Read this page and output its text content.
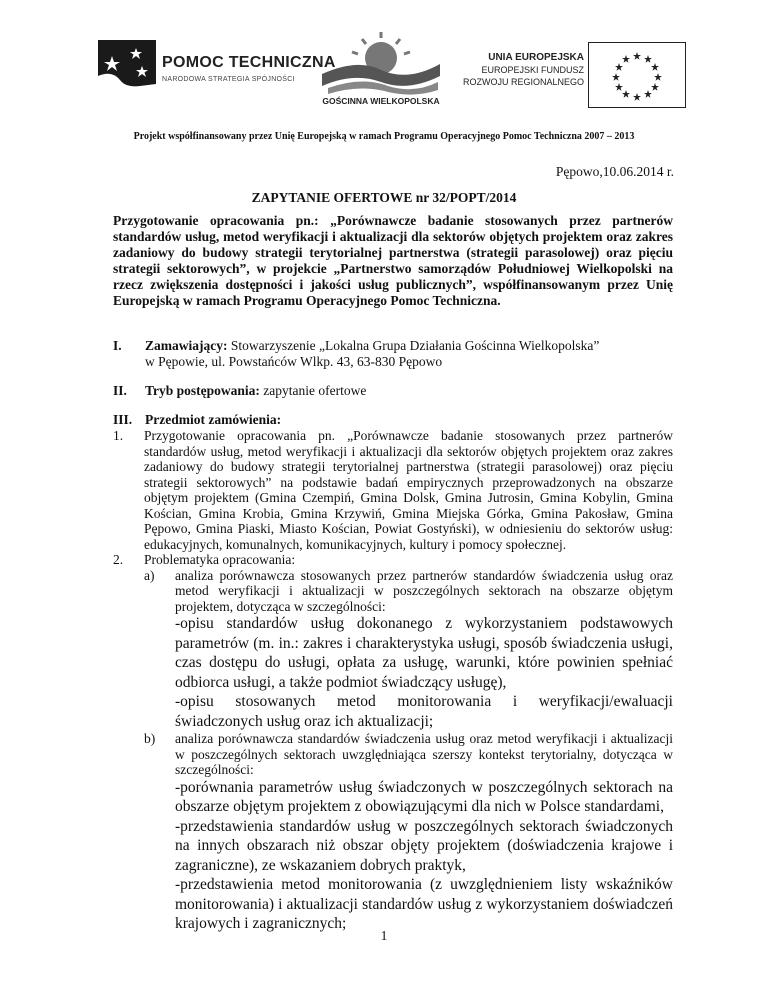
POMOC TECHNICZNA
NARODOWA STRATEGIA SPÓJNOŚCI
GOŚCINNA WIELKOPOLSKA
UNIA EUROPEJSKA
EUROPEJSKI FUNDUSZ
ROZWOJU REGIONALNEGO
Projekt współfinansowany przez Unię Europejską w ramach Programu Operacyjnego Pomoc Techniczna 2007 – 2013
Pępowo,10.06.2014 r.
ZAPYTANIE OFERTOWE nr 32/POPT/2014

Przygotowanie opracowania pn.: „Porównawcze badanie stosowanych przez partnerów standardów usług, metod weryfikacji i aktualizacji dla sektorów objętych projektem oraz zakres zadaniowy do budowy strategii terytorialnej partnerstwa (strategii parasolowej) oraz pięciu strategii sektorowych”, w projekcie „Partnerstwo samorządów Południowej Wielkopolski na rzecz zwiększenia dostępności i jakości usług publicznych”, współfinansowanym przez Unię Europejską w ramach Programu Operacyjnego Pomoc Techniczna.

I. Zamawiający: Stowarzyszenie „Lokalna Grupa Działania Gościnna Wielkopolska”
w Pępowie, ul. Powstańców Wlkp. 43, 63-830 Pępowo
II. Tryb postępowania: zapytanie ofertowe
III. Przedmiot zamówienia:
1. Przygotowanie opracowania pn. „Porównawcze badanie stosowanych przez partnerów standardów usług, metod weryfikacji i aktualizacji dla sektorów objętych projektem oraz zakres zadaniowy do budowy strategii terytorialnej partnerstwa (strategii parasolowej) oraz pięciu strategii sektorowych” na podstawie badań empirycznych przeprowadzonych na obszarze objętym projektem (Gmina Czempiń, Gmina Dolsk, Gmina Jutrosin, Gmina Kobylin, Gmina Kościan, Gmina Krobia, Gmina Krzywiń, Gmina Miejska Górka, Gmina Pakosław, Gmina Pępowo, Gmina Piaski, Miasto Kościan, Powiat Gostyński), w odniesieniu do sektorów usług: edukacyjnych, komunalnych, komunikacyjnych, kultury i pomocy społecznej.
2. Problematyka opracowania:
a) analiza porównawcza stosowanych przez partnerów standardów świadczenia usług oraz metod weryfikacji i aktualizacji w poszczególnych sektorach na obszarze objętym projektem, dotycząca w szczególności:

-opisu standardów usług dokonanego z wykorzystaniem podstawowych parametrów (m. in.: zakres i charakterystyka usługi, sposób świadczenia usługi, czas dostępu do usługi, opłata za usługę, warunki, które powinien spełniać odbiorca usługi, a także podmiot świadczący usługę),

-opisu stosowanych metod monitorowania i weryfikacji/ewaluacji świadczonych usług oraz ich aktualizacji;

b) analiza porównawcza standardów świadczenia usług oraz metod weryfikacji i aktualizacji w poszczególnych sektorach uwzględniająca szerszy kontekst terytorialny, dotycząca w szczególności:

-porównania parametrów usług świadczonych w poszczególnych sektorach na obszarze objętym projektem z obowiązującymi dla nich w Polsce standardami,

-przedstawienia standardów usług w poszczególnych sektorach świadczonych na innych obszarach niż obszar objęty projektem (doświadczenia krajowe i zagraniczne), ze wskazaniem dobrych praktyk,

-przedstawienia metod monitorowania (z uwzględnieniem listy wskaźników monitorowania) i aktualizacji standardów usług z wykorzystaniem doświadczeń krajowych i zagranicznych;

1
